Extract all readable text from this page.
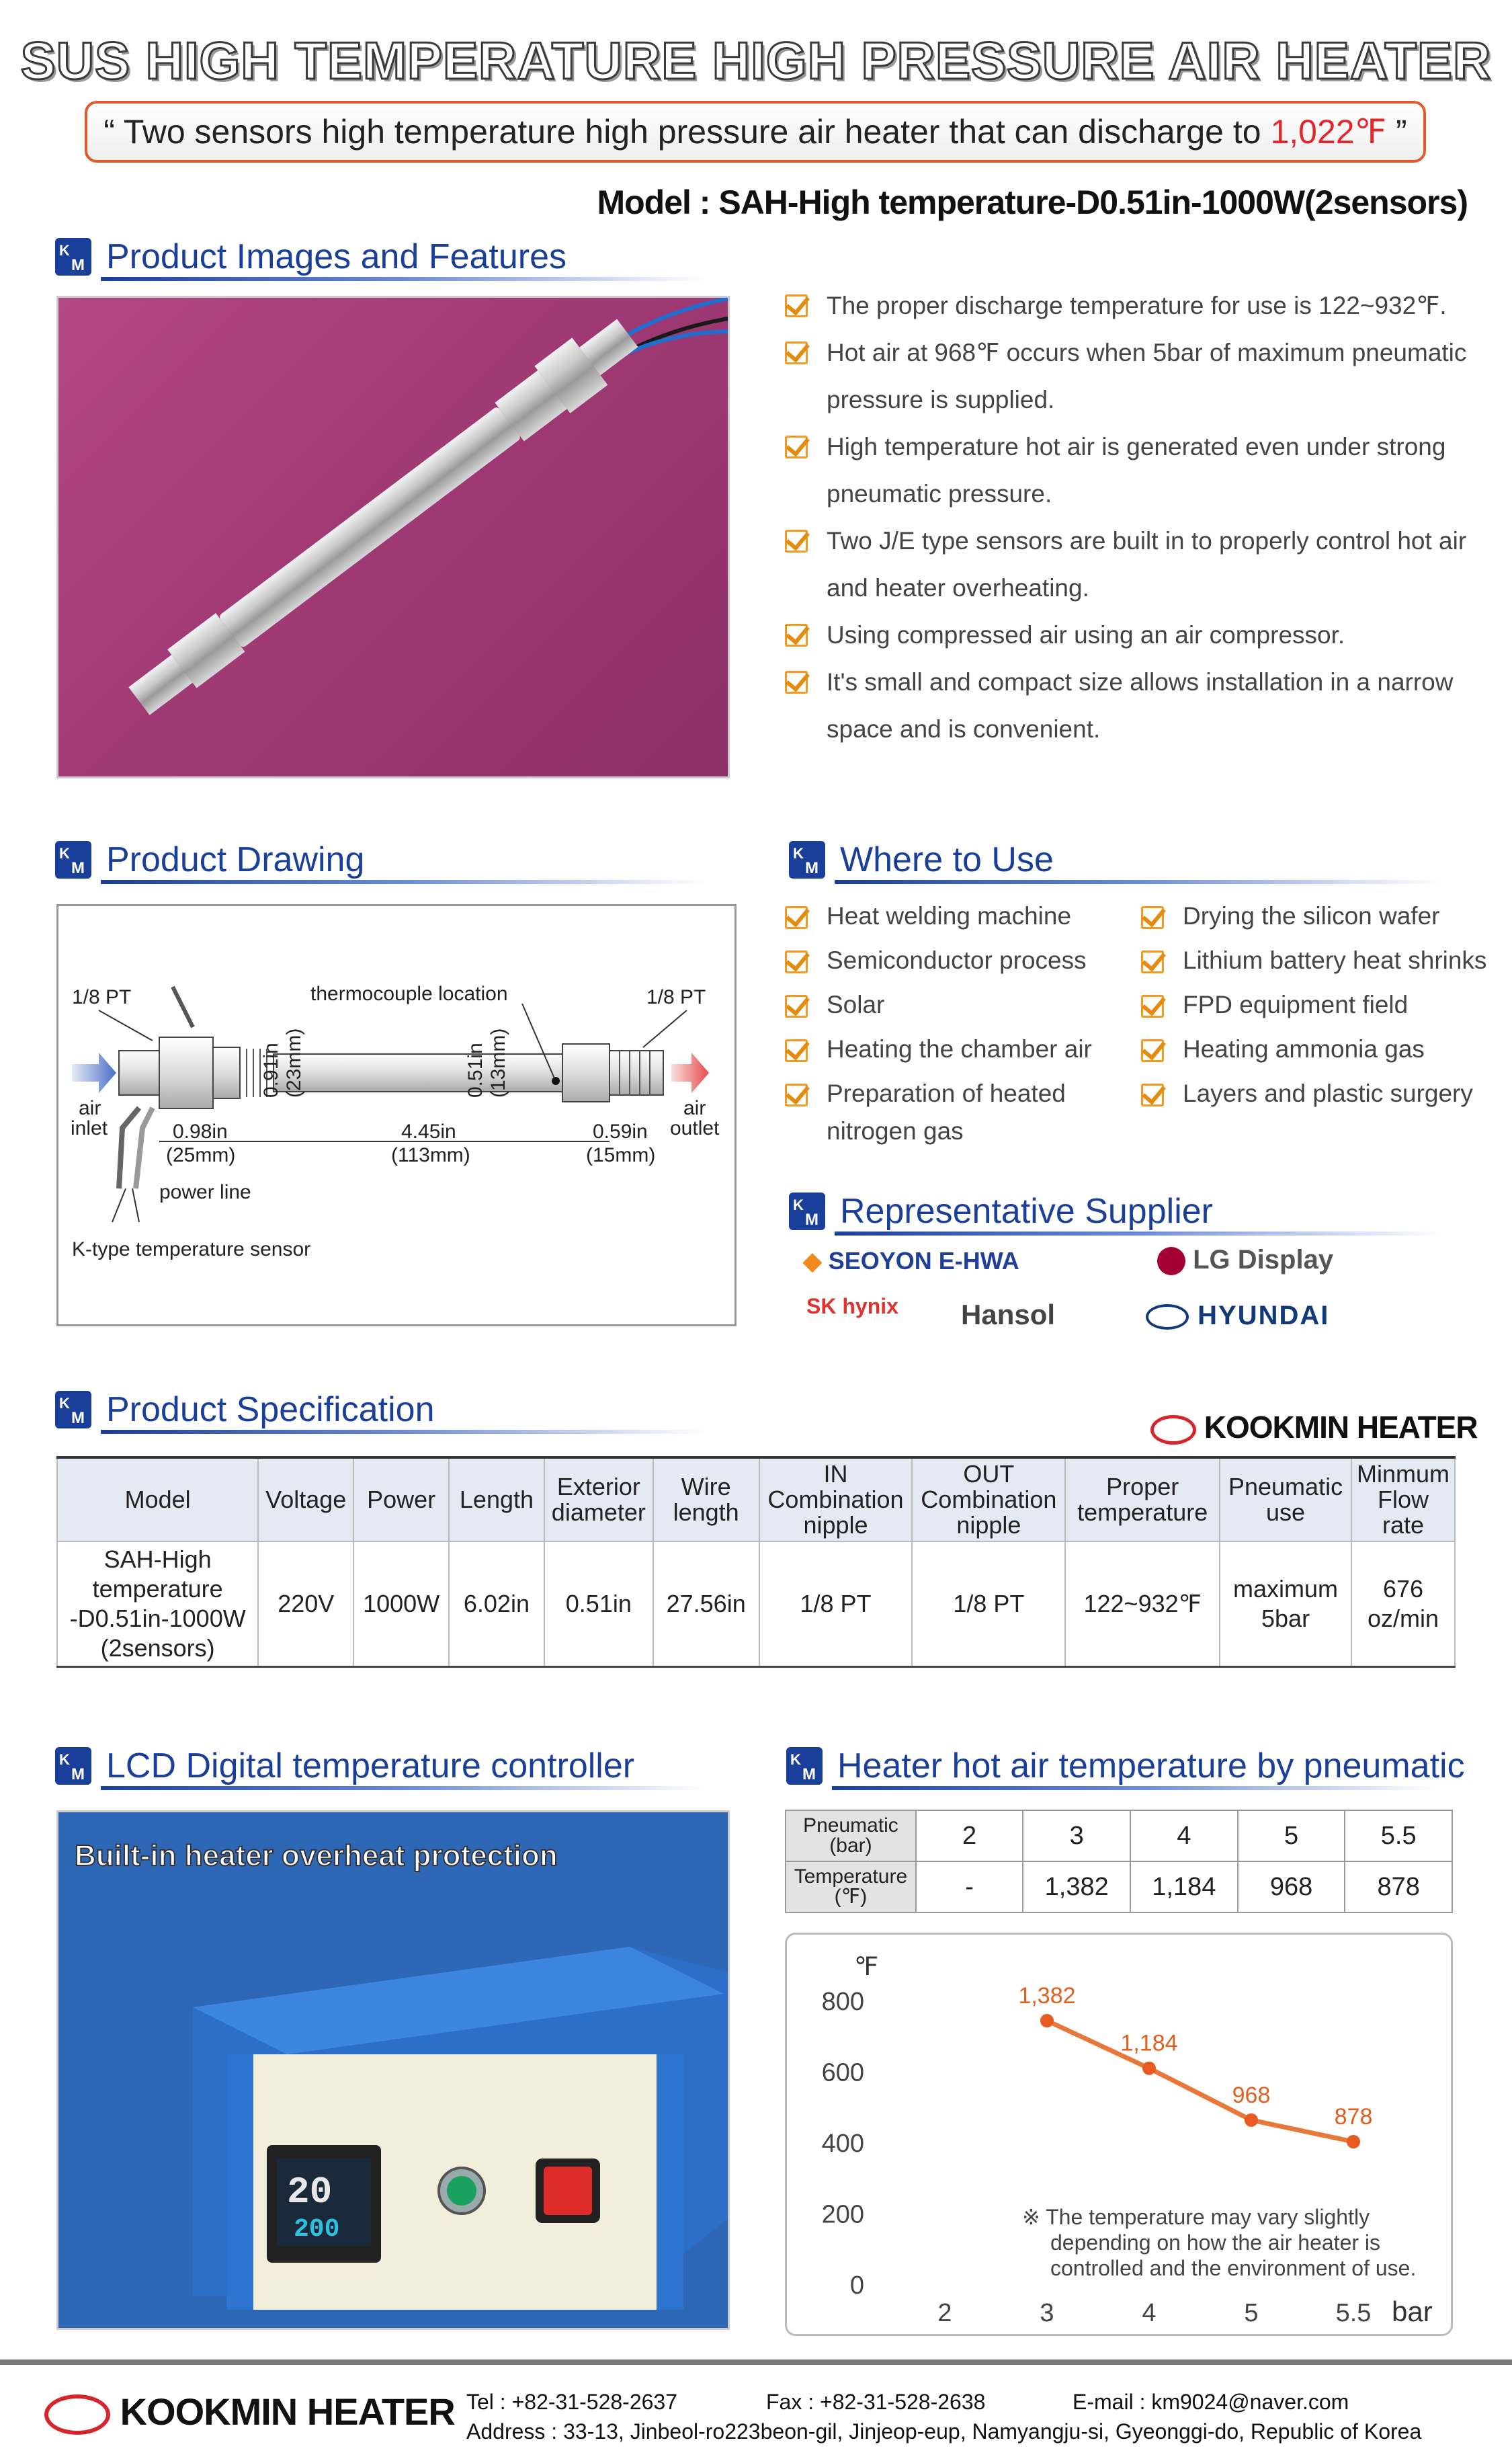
SUS HIGH TEMPERATURE HIGH PRESSURE AIR HEATER
“ Two sensors high temperature high pressure air heater that can discharge to 1,022℉ ”
Model : SAH-High temperature-D0.51in-1000W(2sensors)
K
M Product Images and Features
The proper discharge temperature for use is 122~932℉.
Hot air at 968℉ occurs when 5bar of maximum pneumatic pressure is supplied.
High temperature hot air is generated even under strong pneumatic pressure.
Two J/E type sensors are built in to properly control hot air and heater overheating.
Using compressed air using an air compressor.
It's small and compact size allows installation in a narrow space and is convenient.
K
M Product Drawing
1/8 PT	1/8 PT
thermocouple location
air
inlet
air
outlet
0.91in (23mm)	0.51in (13mm)
0.98in
(25mm)
4.45in
(113mm)
0.59in
(15mm)
power line
K-type temperature sensor
K
M Where to Use
Heat welding machine
Semiconductor process
Solar
Heating the chamber air
Preparation of heated
nitrogen gas
Drying the silicon wafer
Lithium battery heat shrinks
FPD equipment field
Heating ammonia gas
Layers and plastic surgery
K
M Representative Supplier
◆ SEOYON E-HWA	LG Display
SK hynix Hansol	HYUNDAI
K
M Product Specification	KOOKMIN HEATER
Model	Voltage	Power	Length	Exterior
diameter	Wire
length	IN
Combination
nipple	OUT
Combination
nipple	Proper
temperature	Pneumatic
use	Minmum
Flow rate
SAH-High
temperature
-D0.51in-1000W
(2sensors)	220V	1000W	6.02in	0.51in	27.56in	1/8 PT	1/8 PT	122~932℉	maximum
5bar	676
oz/min
K
M LCD Digital temperature controller
Built-in heater overheat protection
20
200
K
M Heater hot air temperature by pneumatic
Pneumatic
(bar)	2	3	4	5	5.5
Temperature
(℉)	-	1,382	1,184	968	878
℉
bar
0
200
400
600
800
2	3	4	5	5.5
1,382
1,184
968
878
※ The temperature may vary slightly
depending on how the air heater is
controlled and the environment of use.
KOOKMIN HEATER Tel : +82-31-528-2637	Fax : +82-31-528-2638	E-mail : km9024@naver.com
Address : 33-13, Jinbeol-ro223beon-gil, Jinjeop-eup, Namyangju-si, Gyeonggi-do, Republic of Korea
